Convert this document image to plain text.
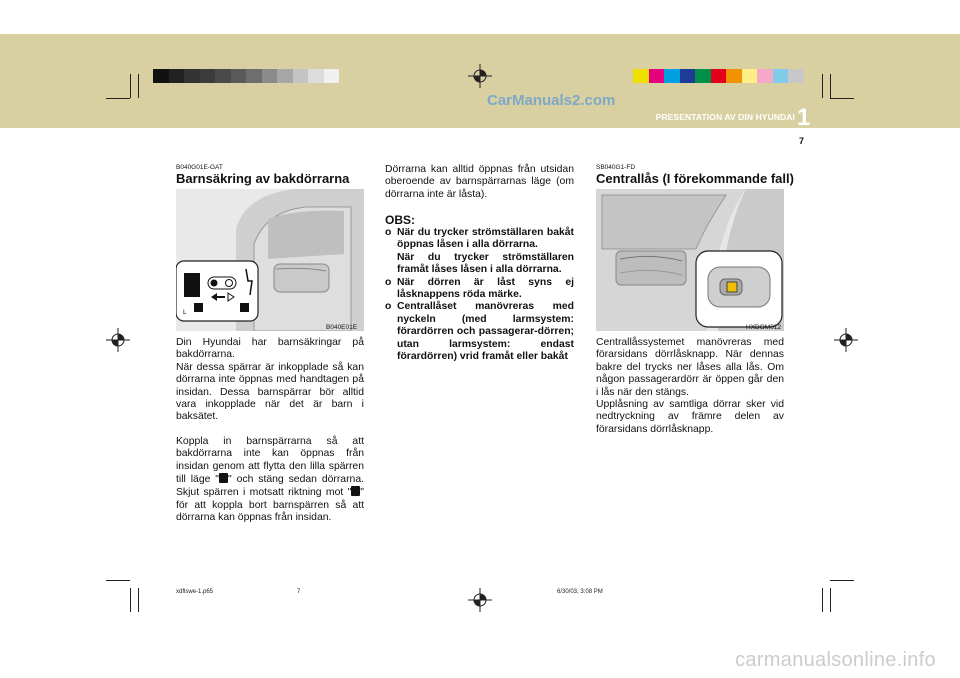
CarManuals2.com
PRESENTATION AV DIN HYUNDAI 1
7
B040G01E-GAT
Barnsäkring av bakdörrarna
L
B040E01E

Din Hyundai har barnsäkringar på bakdörrarna.

När dessa spärrar är inkopplade så kan dörrarna inte öppnas med handtagen på insidan. Dessa barnspärrar bör alltid vara inkopplade när det är barn i baksätet.

Koppla in barnspärrarna så att bakdörrarna inte kan öppnas från insidan genom att flytta den lilla spärren till läge " " och stäng sedan dörrarna. Skjut spärren i motsatt riktning mot " " för att koppla bort barnspärren så att dörrarna kan öppnas från insidan.

Dörrarna kan alltid öppnas från utsidan oberoende av barnspärrarnas läge (om dörrarna inte är låsta).
OBS:
o När du trycker strömställaren bakåt öppnas låsen i alla dörrarna.
När du trycker strömställaren framåt låses låsen i alla dörrarna.
o När dörren är låst syns ej låsknappens röda märke.
o Centrallåset manövreras med nyckeln (med larmsystem: förardörren och passagerar-dörren; utan larmsystem: endast förardörren) vrid framåt eller bakåt
SB040G1-FD
Centrallås (I förekommande fall)
HXDOM012

Centrallåssystemet manövreras med förarsidans dörrlåsknapp. När dennas bakre del trycks ner låses alla lås. Om någon passagerardörr är öppen går den i lås när den stängs.

Upplåsning av samtliga dörrar sker vid nedtryckning av främre delen av förarsidans dörrlåsknapp.

xdflswe-1.p65	7	6/30/03, 3:08 PM
carmanualsonline.info
